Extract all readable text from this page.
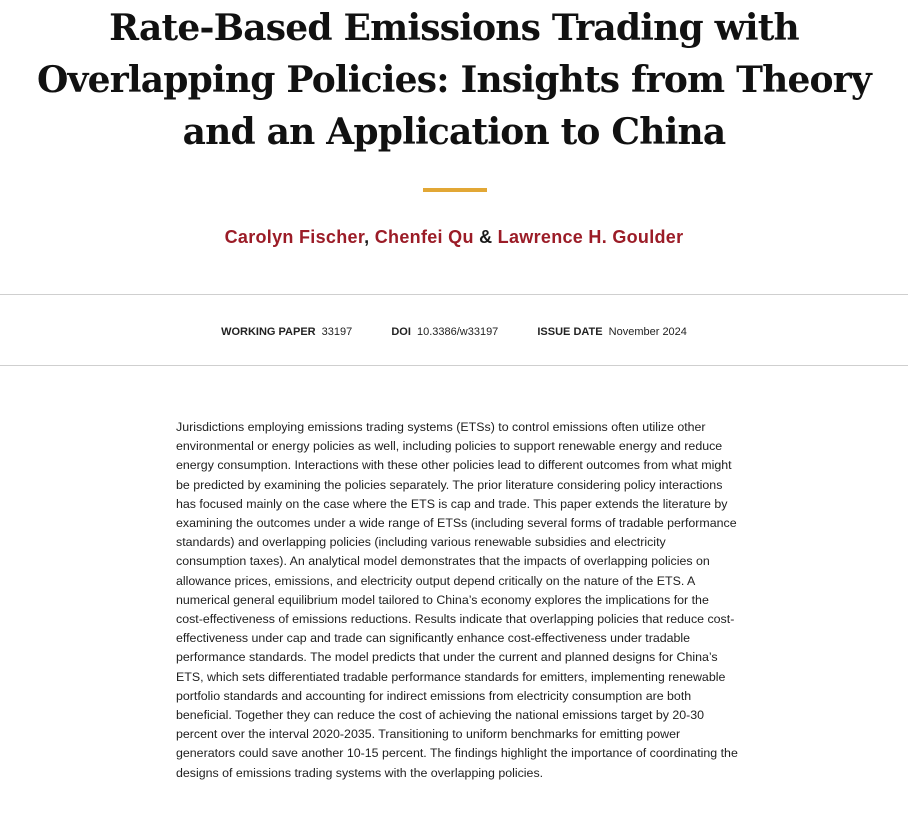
Rate-Based Emissions Trading with Overlapping Policies: Insights from Theory and an Application to China
Carolyn Fischer, Chenfei Qu & Lawrence H. Goulder
WORKING PAPER 33197	DOI 10.3386/w33197	ISSUE DATE November 2024

Jurisdictions employing emissions trading systems (ETSs) to control emissions often utilize other environmental or energy policies as well, including policies to support renewable energy and reduce energy consumption. Interactions with these other policies lead to different outcomes from what might be predicted by examining the policies separately. The prior literature considering policy interactions has focused mainly on the case where the ETS is cap and trade. This paper extends the literature by examining the outcomes under a wide range of ETSs (including several forms of tradable performance standards) and overlapping policies (including various renewable subsidies and electricity consumption taxes). An analytical model demonstrates that the impacts of overlapping policies on allowance prices, emissions, and electricity output depend critically on the nature of the ETS. A numerical general equilibrium model tailored to China’s economy explores the implications for the cost-effectiveness of emissions reductions. Results indicate that overlapping policies that reduce cost-effectiveness under cap and trade can significantly enhance cost-effectiveness under tradable performance standards. The model predicts that under the current and planned designs for China’s ETS, which sets differentiated tradable performance standards for emitters, implementing renewable portfolio standards and accounting for indirect emissions from electricity consumption are both beneficial. Together they can reduce the cost of achieving the national emissions target by 20-30 percent over the interval 2020-2035. Transitioning to uniform benchmarks for emitting power generators could save another 10-15 percent. The findings highlight the importance of coordinating the designs of emissions trading systems with the overlapping policies.
